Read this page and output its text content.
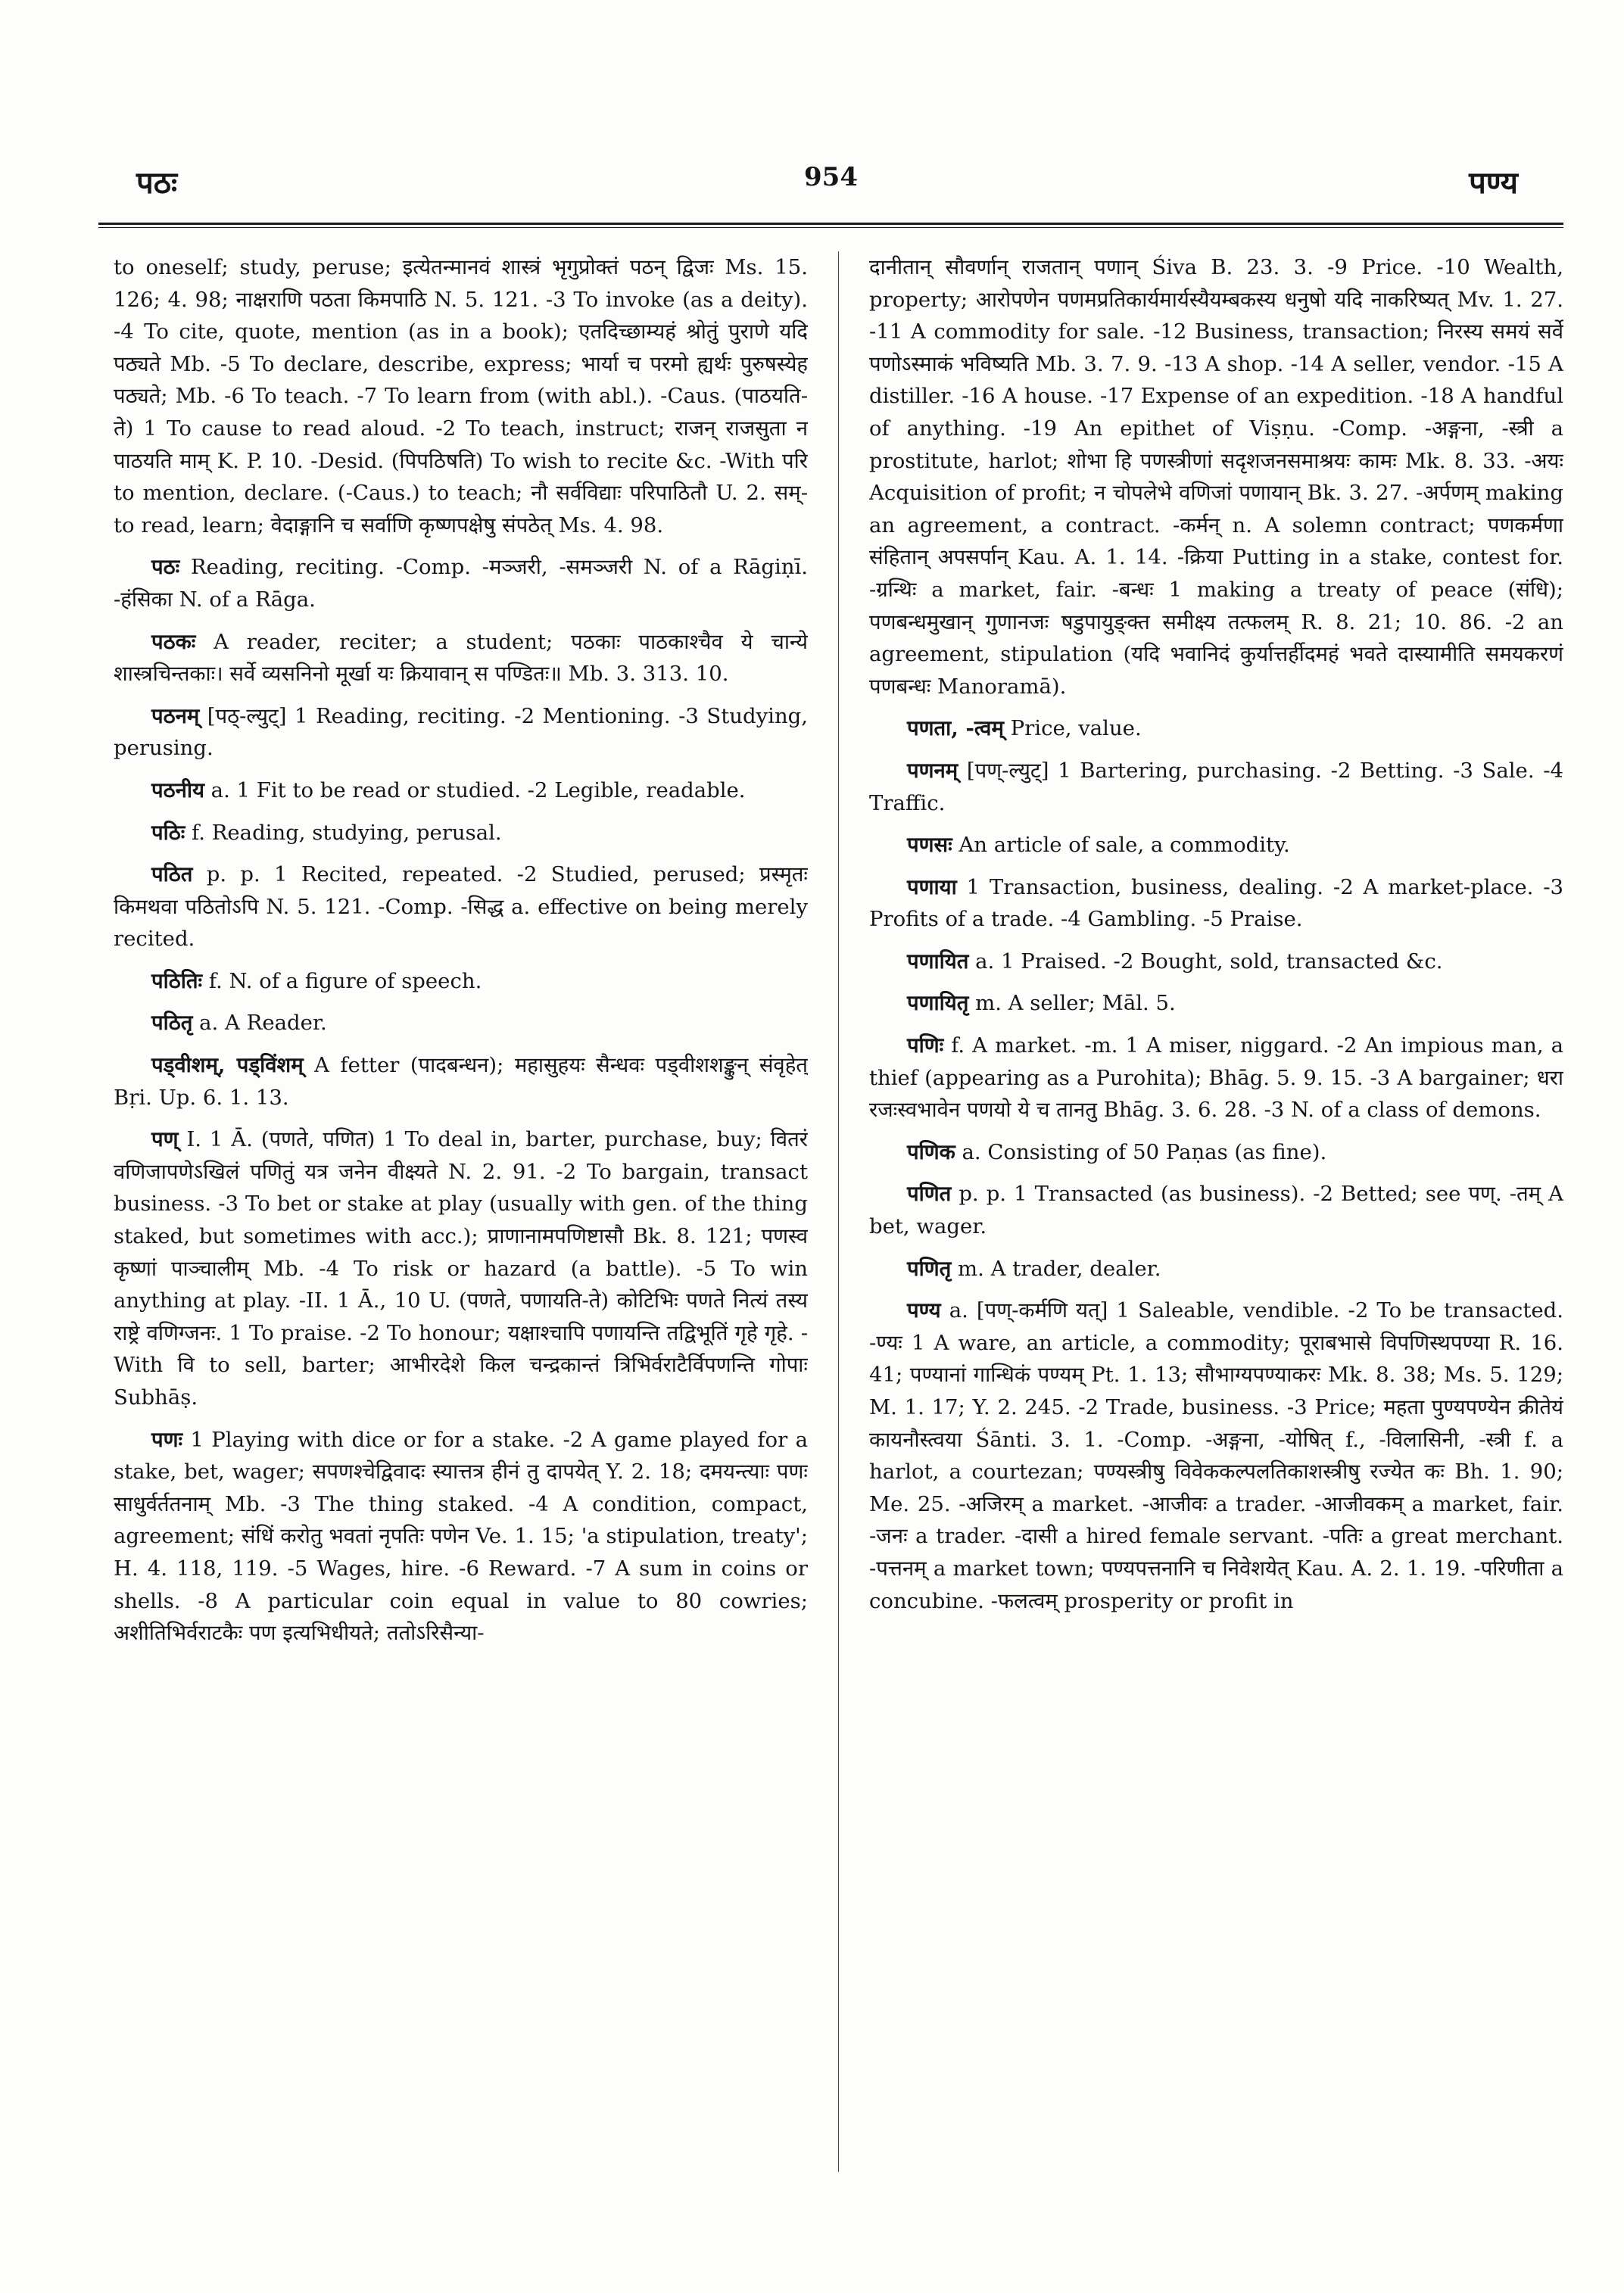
पठः	954	पण्य

to oneself; study, peruse; इत्येतन्मानवं शास्त्रं भृगुप्रोक्तं पठन् द्विजः Ms. 15. 126; 4. 98; नाक्षराणि पठता किमपाठि N. 5. 121. -3 To invoke (as a deity). -4 To cite, quote, mention (as in a book); एतदिच्छाम्यहं श्रोतुं पुराणे यदि पठ्यते Mb. -5 To declare, describe, express; भार्या च परमो ह्यर्थः पुरुषस्येह पठ्यते; Mb. -6 To teach. -7 To learn from (with abl.). -Caus. (पाठयति-ते) 1 To cause to read aloud. -2 To teach, instruct; राजन् राजसुता न पाठयति माम् K. P. 10. -Desid. (पिपठिषति) To wish to recite &c. -With परि to mention, declare. (-Caus.) to teach; नौ सर्वविद्याः परिपाठितौ U. 2. सम्- to read, learn; वेदाङ्गानि च सर्वाणि कृष्णपक्षेषु संपठेत् Ms. 4. 98.

पठः Reading, reciting. -Comp. -मञ्जरी, -समञ्जरी N. of a Rāgiṇī. -हंसिका N. of a Rāga.

पठकः A reader, reciter; a student; पठकाः पाठकाश्चैव ये चान्ये शास्त्रचिन्तकाः। सर्वे व्यसनिनो मूर्खा यः क्रियावान् स पण्डितः॥ Mb. 3. 313. 10.

पठनम् [पठ्-ल्युट्] 1 Reading, reciting. -2 Mentioning. -3 Studying, perusing.

पठनीय a. 1 Fit to be read or studied. -2 Legible, readable.

पठिः f. Reading, studying, perusal.

पठित p. p. 1 Recited, repeated. -2 Studied, perused; प्रस्मृतः किमथवा पठितोऽपि N. 5. 121. -Comp. -सिद्ध a. effective on being merely recited.

पठितिः f. N. of a figure of speech.

पठितृ a. A Reader.

पड्वीशम्, पड्विंशम् A fetter (पादबन्धन); महासुहयः सैन्धवः पड्वीशशङ्कुन् संवृहेत् Bṛi. Up. 6. 1. 13.

पण् I. 1 Ā. (पणते, पणित) 1 To deal in, barter, purchase, buy; वितरं वणिजापणेऽखिलं पणितुं यत्र जनेन वीक्ष्यते N. 2. 91. -2 To bargain, transact business. -3 To bet or stake at play (usually with gen. of the thing staked, but sometimes with acc.); प्राणानामपणिष्टासौ Bk. 8. 121; पणस्व कृष्णां पाञ्चालीम् Mb. -4 To risk or hazard (a battle). -5 To win anything at play. -II. 1 Ā., 10 U. (पणते, पणायति-ते) कोटिभिः पणते नित्यं तस्य राष्ट्रे वणिग्जनः. 1 To praise. -2 To honour; यक्षाश्चापि पणायन्ति तद्विभूतिं गृहे गृहे. -With वि to sell, barter; आभीरदेशे किल चन्द्रकान्तं त्रिभिर्वराटैर्विपणन्ति गोपाः Subhāṣ.

पणः 1 Playing with dice or for a stake. -2 A game played for a stake, bet, wager; सपणश्चेद्विवादः स्यात्तत्र हीनं तु दापयेत् Y. 2. 18; दमयन्त्याः पणः साधुर्वर्ततनाम् Mb. -3 The thing staked. -4 A condition, compact, agreement; संधिं करोतु भवतां नृपतिः पणेन Ve. 1. 15; 'a stipulation, treaty'; H. 4. 118, 119. -5 Wages, hire. -6 Reward. -7 A sum in coins or shells. -8 A particular coin equal in value to 80 cowries; अशीतिभिर्वराटकैः पण इत्यभिधीयते; ततोऽरिसैन्या-

दानीतान् सौवर्णान् राजतान् पणान् Śiva B. 23. 3. -9 Price. -10 Wealth, property; आरोपणेन पणमप्रतिकार्यमार्यस्यैयम्बकस्य धनुषो यदि नाकरिष्यत् Mv. 1. 27. -11 A commodity for sale. -12 Business, transaction; निरस्य समयं सर्वे पणोऽस्माकं भविष्यति Mb. 3. 7. 9. -13 A shop. -14 A seller, vendor. -15 A distiller. -16 A house. -17 Expense of an expedition. -18 A handful of anything. -19 An epithet of Viṣṇu. -Comp. -अङ्गना, -स्त्री a prostitute, harlot; शोभा हि पणस्त्रीणां सदृशजनसमाश्रयः कामः Mk. 8. 33. -अयः Acquisition of profit; न चोपलेभे वणिजां पणायान् Bk. 3. 27. -अर्पणम् making an agreement, a contract. -कर्मन् n. A solemn contract; पणकर्मणा संहितान् अपसर्पान् Kau. A. 1. 14. -क्रिया Putting in a stake, contest for. -ग्रन्थिः a market, fair. -बन्धः 1 making a treaty of peace (संधि); पणबन्धमुखान् गुणानजः षडुपायुङ्क्त समीक्ष्य तत्फलम् R. 8. 21; 10. 86. -2 an agreement, stipulation (यदि भवानिदं कुर्यात्तर्हीदमहं भवते दास्यामीति समयकरणं पणबन्धः Manoramā).

पणता, -त्वम् Price, value.

पणनम् [पण्-ल्युट्] 1 Bartering, purchasing. -2 Betting. -3 Sale. -4 Traffic.

पणसः An article of sale, a commodity.

पणाया 1 Transaction, business, dealing. -2 A market-place. -3 Profits of a trade. -4 Gambling. -5 Praise.

पणायित a. 1 Praised. -2 Bought, sold, transacted &c.

पणायितृ m. A seller; Māl. 5.

पणिः f. A market. -m. 1 A miser, niggard. -2 An impious man, a thief (appearing as a Purohita); Bhāg. 5. 9. 15. -3 A bargainer; धरा रजःस्वभावेन पणयो ये च तानतु Bhāg. 3. 6. 28. -3 N. of a class of demons.

पणिक a. Consisting of 50 Paṇas (as fine).

पणित p. p. 1 Transacted (as business). -2 Betted; see पण्. -तम् A bet, wager.

पणितृ m. A trader, dealer.

पण्य a. [पण्-कर्मणि यत्] 1 Saleable, vendible. -2 To be transacted. -ण्यः 1 A ware, an article, a commodity; पूराबभासे विपणिस्थपण्या R. 16. 41; पण्यानां गान्धिकं पण्यम् Pt. 1. 13; सौभाग्यपण्याकरः Mk. 8. 38; Ms. 5. 129; M. 1. 17; Y. 2. 245. -2 Trade, business. -3 Price; महता पुण्यपण्येन क्रीतेयं कायनौस्त्वया Śānti. 3. 1. -Comp. -अङ्गना, -योषित् f., -विलासिनी, -स्त्री f. a harlot, a courtezan; पण्यस्त्रीषु विवेककल्पलतिकाशस्त्रीषु रज्येत कः Bh. 1. 90; Me. 25. -अजिरम् a market. -आजीवः a trader. -आजीवकम् a market, fair. -जनः a trader. -दासी a hired female servant. -पतिः a great merchant. -पत्तनम् a market town; पण्यपत्तनानि च निवेशयेत् Kau. A. 2. 1. 19. -परिणीता a concubine. -फलत्वम् prosperity or profit in
